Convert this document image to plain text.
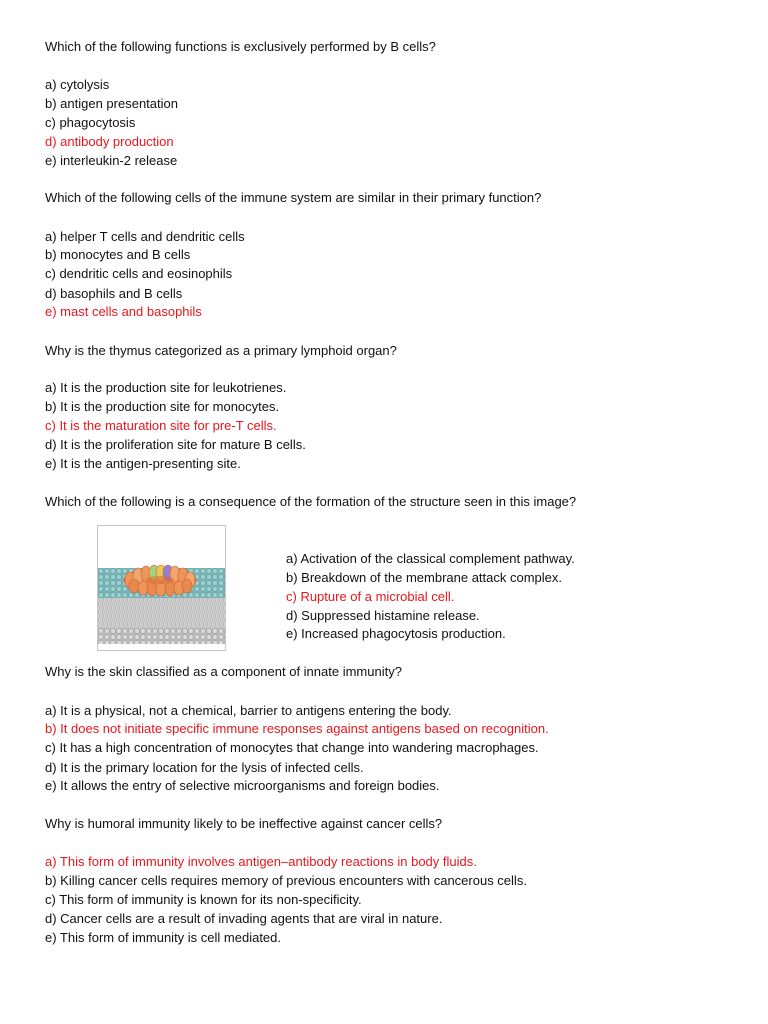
Which of the following functions is exclusively performed by B cells?
a) cytolysis
b) antigen presentation
c) phagocytosis
d) antibody production
e) interleukin-2 release
Which of the following cells of the immune system are similar in their primary function?
a) helper T cells and dendritic cells
b) monocytes and B cells
c) dendritic cells and eosinophils
d) basophils and B cells
e) mast cells and basophils
Why is the thymus categorized as a primary lymphoid organ?
a) It is the production site for leukotrienes.
b) It is the production site for monocytes.
c) It is the maturation site for pre-T cells.
d) It is the proliferation site for mature B cells.
e) It is the antigen-presenting site.
Which of the following is a consequence of the formation of the structure seen in this image?
a) Activation of the classical complement pathway.
b) Breakdown of the membrane attack complex.
c) Rupture of a microbial cell.
d) Suppressed histamine release.
e) Increased phagocytosis production.
Why is the skin classified as a component of innate immunity?
a) It is a physical, not a chemical, barrier to antigens entering the body.
b) It does not initiate specific immune responses against antigens based on recognition.
c) It has a high concentration of monocytes that change into wandering macrophages.
d) It is the primary location for the lysis of infected cells.
e) It allows the entry of selective microorganisms and foreign bodies.
Why is humoral immunity likely to be ineffective against cancer cells?
a) This form of immunity involves antigen–antibody reactions in body fluids.
b) Killing cancer cells requires memory of previous encounters with cancerous cells.
c) This form of immunity is known for its non-specificity.
d) Cancer cells are a result of invading agents that are viral in nature.
e) This form of immunity is cell mediated.
